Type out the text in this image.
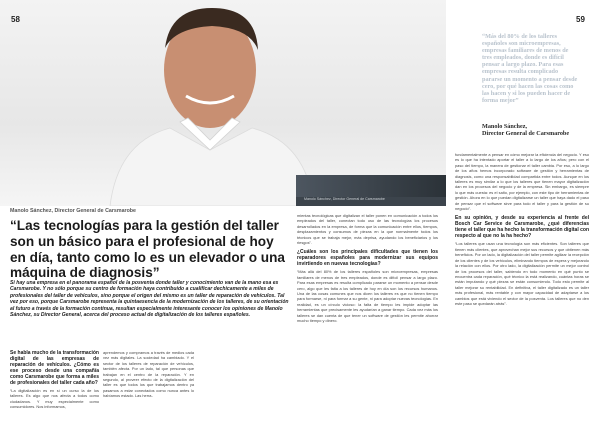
58
Manolo Sánchez, Director General de Carsmarobe
Manolo Sánchez, Director General de Carsmarobe
“Las tecnologías para la gestión del taller son un básico para el profesional de hoy en día, tanto como lo es un elevador o una máquina de diagnosis”
Si hay una empresa en el panorama español de la posventa donde taller y conocimiento van de la mano esa es Carsmarobe. Y no sólo porque su centro de formación haya contribuido a cualificar dechicamente a miles de profesionales del taller de vehículos, sino porque el origen del mismo es un taller de reparación de vehículos. Tal vez por eso, porque Carsmarobe representa la quintaesencia de la modernización de los talleres, de su orientación al futuro a través de la formación continua, resultan especialmente interesante conocer los opiniones de Manolo Sánchez, su Director General, acerca del proceso actual de digitalización de los talleres españoles.
Se habla mucho de la transformación digital de las empresas de reparación de vehículos. ¿Cómo es ese proceso desde una compañía como Carsmarobe que forma a miles de profesionales del taller cada año?
“La digitalización es en sí un curso la de los talleres. Es algo que nos afecta a todos como ciudadanos. Y muy especialmente como consumidores. Nos informamos,
aprendemos y compramos a través de medios cada vez más digitales. La sociedad ha cambiado. Y el sector de los talleres de reparación de vehículos, también afecta. Por un lado, tal que personas que trabajan en el centro de la reparación. Y en segundo, al proveer efecto de la digitalización del taller es que todos los que trabajamos dentro ya pasamos a estar conectados como nunca antes lo habíamos estado. Las herra-
mientas tecnológicas que digitalizan el taller ponen en comunicación a todos los empleados del taller, conectan todo uso de las tecnologías los procesos desarrollados en la empresa, de forma que la comunicación entre ellos, tiempos, desplazamientos y consumos de piezas en la que normalmente todos los técnicos que se trabaja mejor, más deprisa, ayudando los beneficiarios y los riesgos”.
¿Cuáles son los principales dificultades que tienen los reparadores españoles para modernizar sus equipos invirtiendo en nuevas tecnologías?
“Más allá del 80% de los talleres españoles son microempresas, empresas familiares de menos de tres empleados, donde es difícil pensar a largo plazo. Para esas empresas es resulta complicado pararse un momento a pensar desde cero, algo que les falta a los talleres de hoy en día son los recursos humanos. Una de las cosas comunes que nos dicen los talleres es que no tienen tiempo para formarse, ni para formar a su gente, ni para adoptar nuevas tecnologías. En realidad, es un círculo vicioso: la falta de tiempo les impide adoptar las herramientas que precisamente les ayudarían a ganar tiempo. Cada vez más los talleres se dan cuenta de que tener un software de gestión les permite ahorrar mucho tiempo y dinero.
59
“Más del 80% de los talleres españoles son microempresas, empresas familiares de menos de tres empleados, donde es difícil pensar a largo plazo. Para esas empresas resulta complicado pararse un momento a pensar desde cero, por qué hacen las cosas como las hacen y si los pueden hacer de forma mejor”
Manolo Sánchez,
Director General de Carsmarobe
fundamentalmente a pensar en cómo mejorar la eficiencia del negocio. Y eso es lo que ha intentado aportar el taller a lo largo de los años; pero con el paso del tiempo, la manera de gestionar el taller cambia. Por eso, a lo largo de los años hemos incorporado software de gestión y herramientas de diagnosis, como una responsabilidad compartida entre todos. Aunque en los talleres es muy similar a lo que los talleres que tienen mayor digitalización dan en los procesos del negocio y de la empresa. Sin embargo, es siempre lo que más cuesta: es el salto, por ejemplo, con este tipo de herramientas de gestión. Ahora en lo que puedan digitalizarse un taller que haya dado el paso de pensar que el software sirve para todo el taller y para la gestión de su negocio”.
En su opinión, y desde su experiencia al frente del Bosch Car Service de Carsmarobe, ¿qué diferencias tiene el taller que ha hecho la transformación digital con respecto al que no la ha hecho?
“Los talleres que usan una tecnología son más eficientes. Son talleres que tienen más clientes, que aprovechan mejor sus recursos y que obtienen más beneficios. Por un lado, la digitalización del taller permite agilizar la recepción de los clientes y de los vehículos, eliminando tiempos de espera y mejorando la relación con ellos. Por otro lado, la digitalización permite un mejor control de los procesos del taller, sabiendo en todo momento en qué punto se encuentra cada reparación, qué técnico la está realizando, cuántas horas se están imputando y qué piezas se están consumiendo. Todo esto permite al taller mejorar su rentabilidad. En definitiva, el taller digitalizado es un taller más profesional, más rentable y con mayor capacidad de adaptarse a los cambios que está viviendo el sector de la posventa. Los talleres que no den este paso se quedarán atrás”.
